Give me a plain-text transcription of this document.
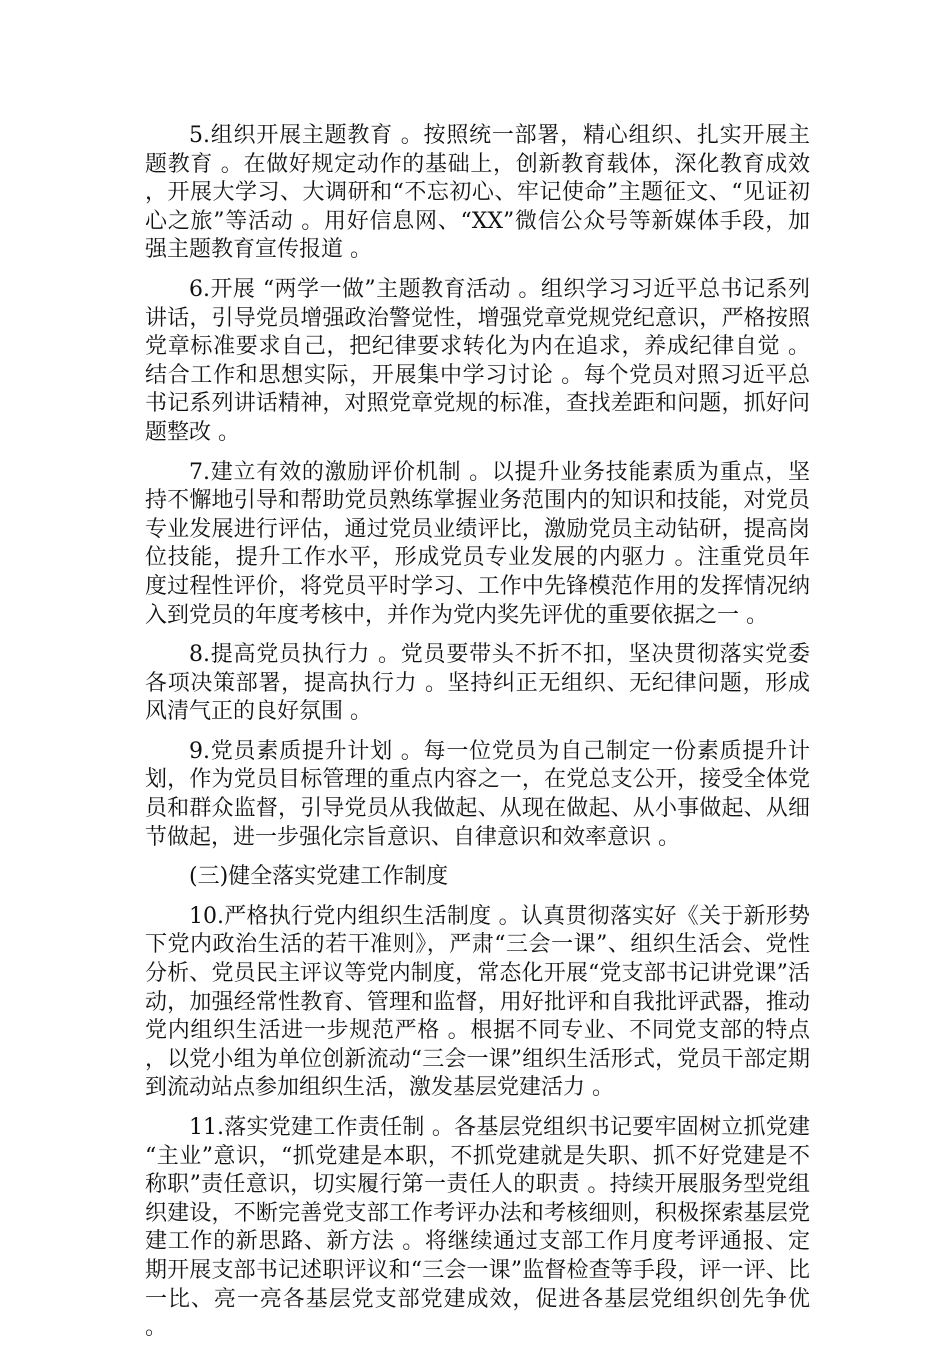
5.组织开展主题教育 。按照统一部署，精心组织、扎实开展主题教育 。在做好规定动作的基础上，创新教育载体，深化教育成效，开展大学习、大调研和“不忘初心、牢记使命”主题征文、“见证初心之旅”等活动 。用好信息网、“XX”微信公众号等新媒体手段，加强主题教育宣传报道 。

6.开展 “两学一做”主题教育活动 。组织学习习近平总书记系列讲话，引导党员增强政治警觉性，增强党章党规党纪意识，严格按照党章标准要求自己，把纪律要求转化为内在追求，养成纪律自觉 。结合工作和思想实际，开展集中学习讨论 。每个党员对照习近平总书记系列讲话精神，对照党章党规的标准，查找差距和问题，抓好问题整改 。

7.建立有效的激励评价机制 。以提升业务技能素质为重点，坚持不懈地引导和帮助党员熟练掌握业务范围内的知识和技能，对党员专业发展进行评估，通过党员业绩评比，激励党员主动钻研，提高岗位技能，提升工作水平，形成党员专业发展的内驱力 。注重党员年度过程性评价，将党员平时学习、工作中先锋模范作用的发挥情况纳入到党员的年度考核中，并作为党内奖先评优的重要依据之一 。

8.提高党员执行力 。党员要带头不折不扣，坚决贯彻落实党委各项决策部署，提高执行力 。坚持纠正无组织、无纪律问题，形成风清气正的良好氛围 。

9.党员素质提升计划 。每一位党员为自己制定一份素质提升计划，作为党员目标管理的重点内容之一，在党总支公开，接受全体党员和群众监督，引导党员从我做起、从现在做起、从小事做起、从细节做起，进一步强化宗旨意识、自律意识和效率意识 。

(三)健全落实党建工作制度

10.严格执行党内组织生活制度 。认真贯彻落实好《关于新形势下党内政治生活的若干准则》，严肃“三会一课”、组织生活会、党性分析、党员民主评议等党内制度，常态化开展“党支部书记讲党课”活动，加强经常性教育、管理和监督，用好批评和自我批评武器，推动党内组织生活进一步规范严格 。根据不同专业、不同党支部的特点，以党小组为单位创新流动“三会一课”组织生活形式，党员干部定期到流动站点参加组织生活，激发基层党建活力 。

11.落实党建工作责任制 。各基层党组织书记要牢固树立抓党建“主业”意识，“抓党建是本职，不抓党建就是失职、抓不好党建是不称职”责任意识，切实履行第一责任人的职责 。持续开展服务型党组织建设，不断完善党支部工作考评办法和考核细则，积极探索基层党建工作的新思路、新方法 。将继续通过支部工作月度考评通报、定期开展支部书记述职评议和“三会一课”监督检查等手段，评一评、比一比、亮一亮各基层党支部党建成效，促进各基层党组织创先争优 。
